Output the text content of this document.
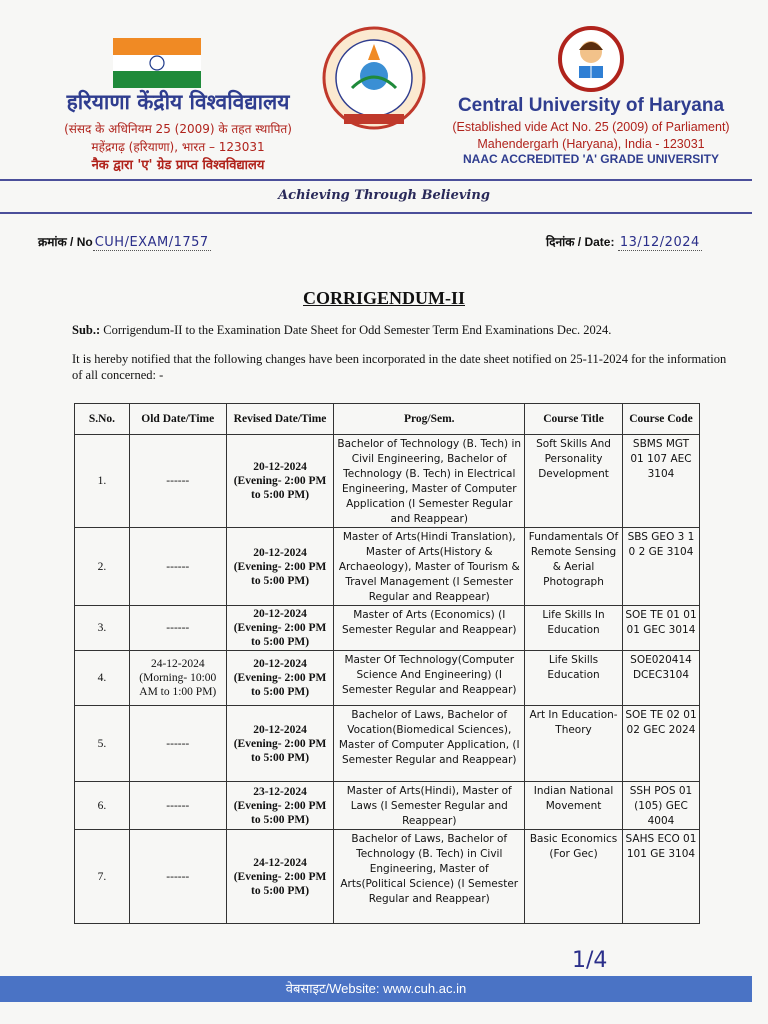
हरियाणा केंद्रीय विश्वविद्यालय
(संसद के अधिनियम 25 (2009) के तहत स्थापित)
महेंद्रगढ़ (हरियाणा), भारत – 123031
नैक द्वारा 'ए' ग्रेड प्राप्त विश्वविद्यालय
Central University of Haryana
(Established vide Act No. 25 (2009) of Parliament)
Mahendergarh (Haryana), India - 123031
NAAC ACCREDITED 'A' GRADE UNIVERSITY
Achieving Through Believing
क्रमांक / No CUH/EXAM/1757	दिनांक / Date: 13/12/2024
CORRIGENDUM-II
Sub.: Corrigendum-II to the Examination Date Sheet for Odd Semester Term End Examinations Dec. 2024.
It is hereby notified that the following changes have been incorporated in the date sheet notified on 25-11-2024 for the information of all concerned: -
S.No.	Old Date/Time	Revised Date/Time	Prog/Sem.	Course Title	Course Code
1.	------	20-12-2024 (Evening- 2:00 PM to 5:00 PM)	Bachelor of Technology (B. Tech) in Civil Engineering, Bachelor of Technology (B. Tech) in Electrical Engineering, Master of Computer Application (I Semester Regular and Reappear)	Soft Skills And Personality Development	SBMS MGT 01 107 AEC 3104
2.	------	20-12-2024 (Evening- 2:00 PM to 5:00 PM)	Master of Arts(Hindi Translation), Master of Arts(History & Archaeology), Master of Tourism & Travel Management (I Semester Regular and Reappear)	Fundamentals Of Remote Sensing & Aerial Photograph	SBS GEO 3 1 0 2 GE 3104
3.	------	20-12-2024 (Evening- 2:00 PM to 5:00 PM)	Master of Arts (Economics) (I Semester Regular and Reappear)	Life Skills In Education	SOE TE 01 01 01 GEC 3014
4.	24-12-2024 (Morning- 10:00 AM to 1:00 PM)	20-12-2024 (Evening- 2:00 PM to 5:00 PM)	Master Of Technology(Computer Science And Engineering) (I Semester Regular and Reappear)	Life Skills Education	SOE020414 DCEC3104
5.	------	20-12-2024 (Evening- 2:00 PM to 5:00 PM)	Bachelor of Laws, Bachelor of Vocation(Biomedical Sciences), Master of Computer Application, (I Semester Regular and Reappear)	Art In Education-Theory	SOE TE 02 01 02 GEC 2024
6.	------	23-12-2024 (Evening- 2:00 PM to 5:00 PM)	Master of Arts(Hindi), Master of Laws (I Semester Regular and Reappear)	Indian National Movement	SSH POS 01 (105) GEC 4004
7.	------	24-12-2024 (Evening- 2:00 PM to 5:00 PM)	Bachelor of Laws, Bachelor of Technology (B. Tech) in Civil Engineering, Master of Arts(Political Science) (I Semester Regular and Reappear)	Basic Economics (For Gec)	SAHS ECO 01 101 GE 3104
1/4
वेबसाइट/Website: www.cuh.ac.in
